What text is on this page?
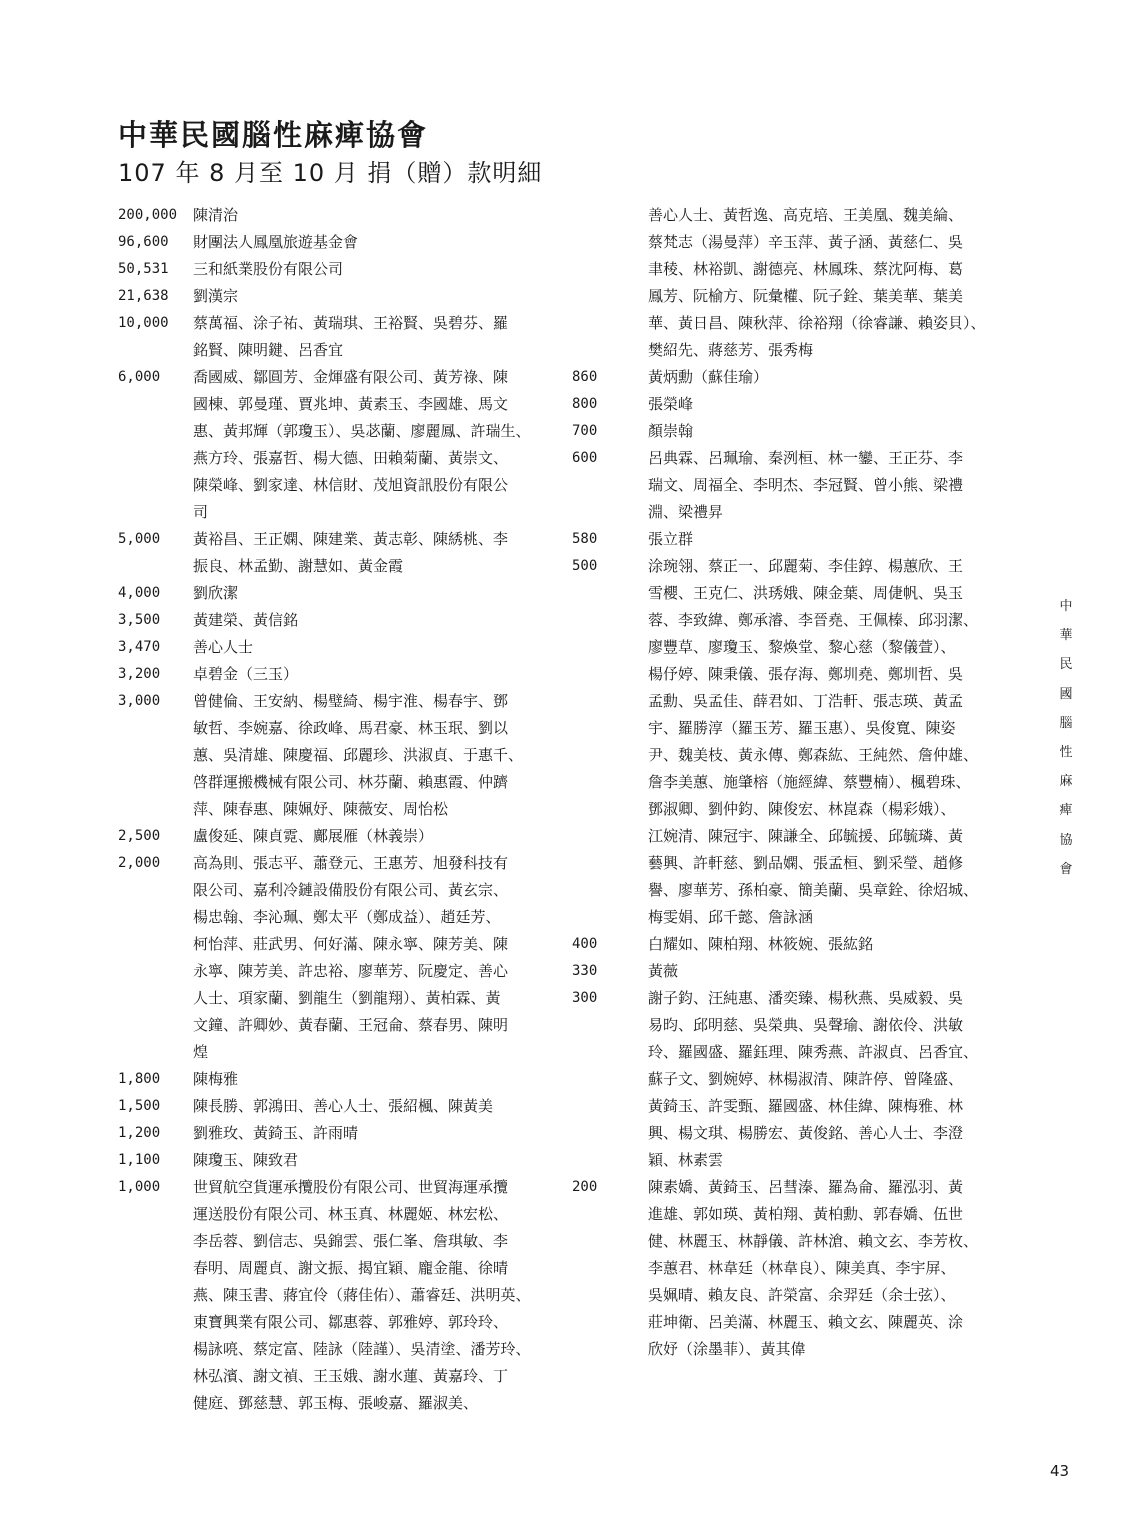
中華民國腦性麻痺協會
107 年 8 月至 10 月 捐（贈）款明細
200,000	陳清治
96,600	財團法人鳳凰旅遊基金會
50,531	三和紙業股份有限公司
21,638	劉漢宗
10,000	蔡萬福、涂子祐、黃瑞琪、王裕賢、吳碧芬、羅
銘賢、陳明鍵、呂香宜
6,000	喬國威、鄒圓芳、金煇盛有限公司、黃芳祿、陳
國棟、郭曼瑾、賈兆坤、黃素玉、李國雄、馬文
惠、黃邦輝（郭瓊玉）、吳苾蘭、廖麗鳳、許瑞生、
燕方玲、張嘉哲、楊大德、田賴菊蘭、黃崇文、
陳榮峰、劉家達、林信財、茂旭資訊股份有限公
司
5,000	黃裕昌、王正嫻、陳建業、黃志彰、陳綉桃、李
振良、林孟勤、謝慧如、黃金霞
4,000	劉欣潔
3,500	黃建榮、黃信銘
3,470	善心人士
3,200	卓碧金（三玉）
3,000	曾健倫、王安納、楊璧綺、楊宇淮、楊春宇、鄧
敏哲、李婉嘉、徐政峰、馬君豪、林玉珉、劉以
蕙、吳清雄、陳慶福、邱麗珍、洪淑貞、于惠千、
啓群運搬機械有限公司、林芬蘭、賴惠霞、仲躋
萍、陳春惠、陳姵妤、陳薇安、周怡松
2,500	盧俊延、陳貞霓、鄺展雁（林義崇）
2,000	高為則、張志平、蕭登元、王惠芳、旭發科技有
限公司、嘉利冷鏈設備股份有限公司、黃玄宗、
楊忠翰、李沁珮、鄭太平（鄭成益）、趙廷芳、
柯怡萍、莊武男、何好滿、陳永寧、陳芳美、陳
永寧、陳芳美、許忠裕、廖華芳、阮慶定、善心
人士、項家蘭、劉龍生（劉龍翔）、黃柏霖、黃
文鐘、許卿妙、黃春蘭、王冠侖、蔡春男、陳明
煌
1,800	陳梅雅
1,500	陳長勝、郭鴻田、善心人士、張紹楓、陳黃美
1,200	劉雅玫、黃錡玉、許雨晴
1,100	陳瓊玉、陳致君
1,000	世貿航空貨運承攬股份有限公司、世貿海運承攬
運送股份有限公司、林玉真、林麗姬、林宏松、
李岳蓉、劉信志、吳錦雲、張仁峯、詹琪敏、李
春明、周麗貞、謝文振、揭宜穎、龐金龍、徐晴
燕、陳玉書、蔣宜伶（蔣佳佑）、蕭睿廷、洪明英、
東寶興業有限公司、鄒惠蓉、郭雅婷、郭玲玲、
楊詠喨、蔡定富、陸詠（陸謹）、吳清塗、潘芳玲、
林弘濱、謝文禎、王玉娥、謝水蓮、黃嘉玲、丁
健庭、鄧慈慧、郭玉梅、張峻嘉、羅淑美、
善心人士、黃哲逸、高克培、王美凰、魏美綸、
蔡梵志（湯曼萍）辛玉萍、黃子涵、黃慈仁、吳
聿稜、林裕凱、謝德亮、林鳳珠、蔡沈阿梅、葛
鳳芳、阮榆方、阮彙權、阮子銓、葉美華、葉美
華、黃日昌、陳秋萍、徐裕翔（徐睿謙、賴姿貝）、
樊紹先、蔣慈芳、張秀梅
860	黃炳勳（蘇佳瑜）
800	張榮峰
700	顏崇翰
600	呂典霖、呂珮瑜、秦洌桓、林一鑾、王正芬、李
瑞文、周福全、李明杰、李冠賢、曾小熊、梁禮
淵、梁禮昇
580	張立群
500	涂琬翎、蔡正一、邱麗菊、李佳錞、楊蕙欣、王
雪櫻、王克仁、洪琇娥、陳金葉、周倢帆、吳玉
蓉、李致緯、鄭承濬、李晉堯、王佩榛、邱羽潔、
廖豐草、廖瓊玉、黎煥堂、黎心慈（黎儀萱）、
楊伃婷、陳秉儀、張存海、鄭圳堯、鄭圳哲、吳
孟勳、吳孟佳、薛君如、丁浩軒、張志瑛、黃孟
宇、羅勝淳（羅玉芳、羅玉惠）、吳俊寬、陳姿
尹、魏美枝、黃永傳、鄭森紘、王純然、詹仲雄、
詹李美蕙、施肇榕（施經緯、蔡豐楠）、楓碧珠、
鄧淑卿、劉仲鈞、陳俊宏、林崑森（楊彩娥）、
江婉清、陳冠宇、陳謙全、邱毓援、邱毓璘、黃
藝興、許軒慈、劉品嫻、張孟桓、劉采瑩、趙修
譽、廖華芳、孫柏豪、簡美蘭、吳章銓、徐炤城、
梅雯娟、邱千懿、詹詠涵
400	白耀如、陳柏翔、林筱婉、張紘銘
330	黃薇
300	謝子鈞、汪純惠、潘奕臻、楊秋燕、吳威毅、吳
易昀、邱明慈、吳榮典、吳聲瑜、謝依伶、洪敏
玲、羅國盛、羅鈺理、陳秀燕、許淑貞、呂香宜、
蘇子文、劉婉婷、林楊淑清、陳許停、曾隆盛、
黃錡玉、許雯甄、羅國盛、林佳緯、陳梅雅、林
興、楊文琪、楊勝宏、黃俊銘、善心人士、李澄
穎、林素雲
200	陳素嬌、黃錡玉、呂彗溱、羅為侖、羅泓羽、黃
進雄、郭如瑛、黃柏翔、黃柏勳、郭春嬌、伍世
健、林麗玉、林靜儀、許林滄、賴文玄、李芳枚、
李蕙君、林韋廷（林韋良）、陳美真、李宇屏、
吳姵晴、賴友良、許榮富、余羿廷（余士弦）、
莊坤衛、呂美滿、林麗玉、賴文玄、陳麗英、涂
欣妤（涂墨菲）、黃其偉
中
華
民
國
腦
性
麻
痺
協
會
43
